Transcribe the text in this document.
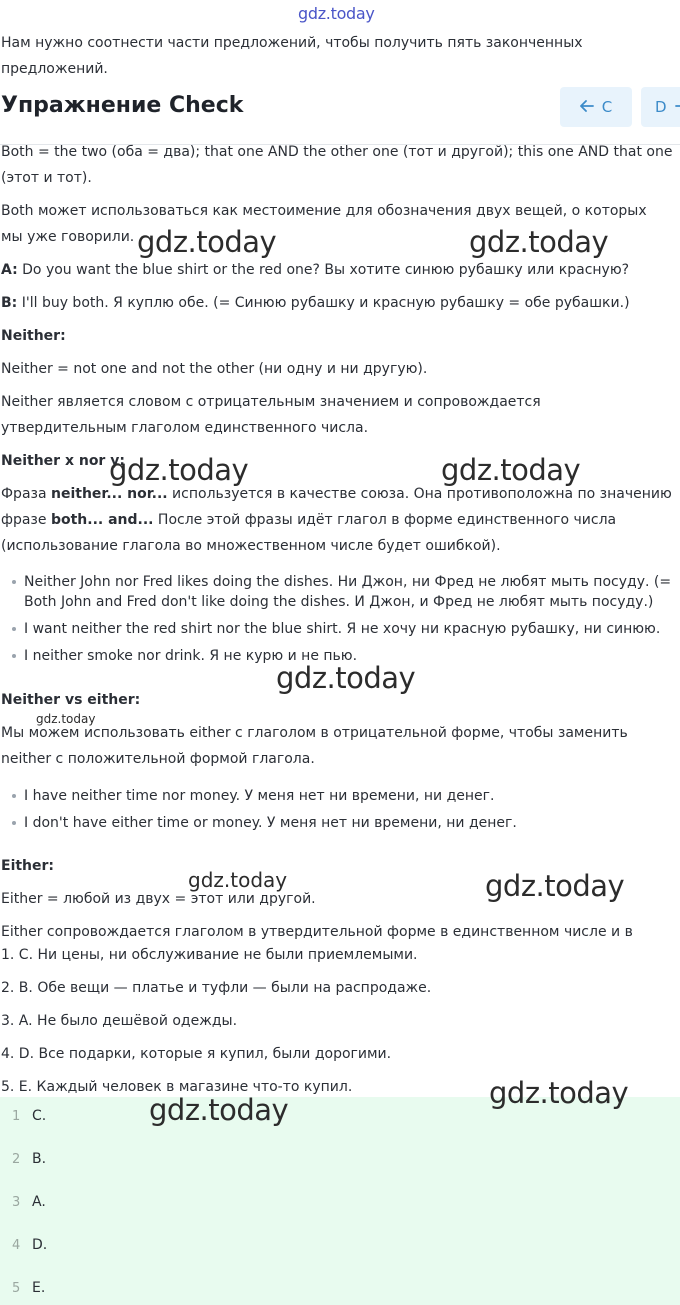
gdz.today
Нам нужно соотнести части предложений, чтобы получить пять законченных
предложений.
Упражнение Check	C	D
Both = the two (оба = два); that one AND the other one (тот и другой); this one AND that one
(этот и тот).
Both может использоваться как местоимение для обозначения двух вещей, о которых
мы уже говорили.
A: Do you want the blue shirt or the red one? Вы хотите синюю рубашку или красную?
B: I'll buy both. Я куплю обе. (= Синюю рубашку и красную рубашку = обе рубашки.)
Neither:
Neither = not one and not the other (ни одну и ни другую).
Neither является словом с отрицательным значением и сопровождается
утвердительным глаголом единственного числа.
Neither x nor y:
Фраза neither... nor... используется в качестве союза. Она противоположна по значению
фразе both... and... После этой фразы идёт глагол в форме единственного числа
(использование глагола во множественном числе будет ошибкой).
Neither John nor Fred likes doing the dishes. Ни Джон, ни Фред не любят мыть посуду. (= Both John and Fred don't like doing the dishes. И Джон, и Фред не любят мыть посуду.)
I want neither the red shirt nor the blue shirt. Я не хочу ни красную рубашку, ни синюю.
I neither smoke nor drink. Я не курю и не пью.
Neither vs either:
Мы можем использовать either с глаголом в отрицательной форме, чтобы заменить
neither с положительной формой глагола.
I have neither time nor money. У меня нет ни времени, ни денег.
I don't have either time or money. У меня нет ни времени, ни денег.
Either:
Either = любой из двух = этот или другой.
Either сопровождается глаголом в утвердительной форме в единственном числе и в
1. C. Ни цены, ни обслуживание не были приемлемыми.
2. B. Обе вещи — платье и туфли — были на распродаже.
3. A. Не было дешёвой одежды.
4. D. Все подарки, которые я купил, были дорогими.
5. E. Каждый человек в магазине что-то купил.
1 C.
2 B.
3 A.
4 D.
5 E.
gdz.today	gdz.today
gdz.today	gdz.today
gdz.today
gdz.today
gdz.today	gdz.today
gdz.today
gdz.today
